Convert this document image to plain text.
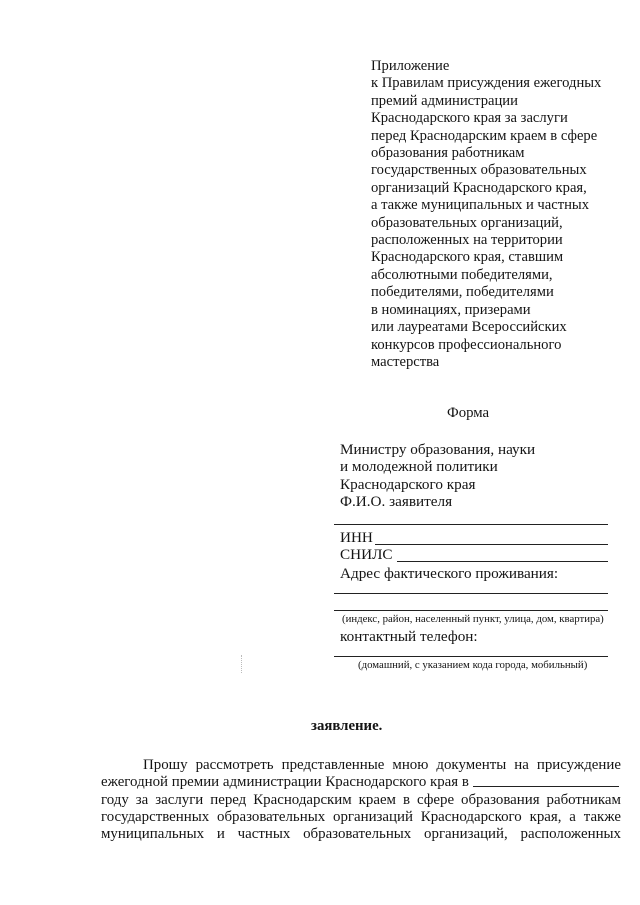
Приложение
к Правилам присуждения ежегодных
премий администрации
Краснодарского края за заслуги
перед Краснодарским краем в сфере
образования работникам
государственных образовательных
организаций Краснодарского края,
а также муниципальных и частных
образовательных организаций,
расположенных на территории
Краснодарского края, ставшим
абсолютными победителями,
победителями, победителями
в номинациях, призерами
или лауреатами Всероссийских
конкурсов профессионального
мастерства
Форма
Министру образования, науки
и молодежной политики
Краснодарского края
Ф.И.О. заявителя
ИНН
СНИЛС
Адрес фактического проживания:
(индекс, район, населенный пункт, улица, дом, квартира)
контактный телефон:
(домашний, с указанием кода города, мобильный)
заявление.
Прошу рассмотреть представленные мною документы на присуждение
ежегодной премии администрации Краснодарского края в
году за заслуги перед Краснодарским краем в сфере образования работникам
государственных образовательных организаций Краснодарского края, а также
муниципальных и частных образовательных организаций, расположенных
